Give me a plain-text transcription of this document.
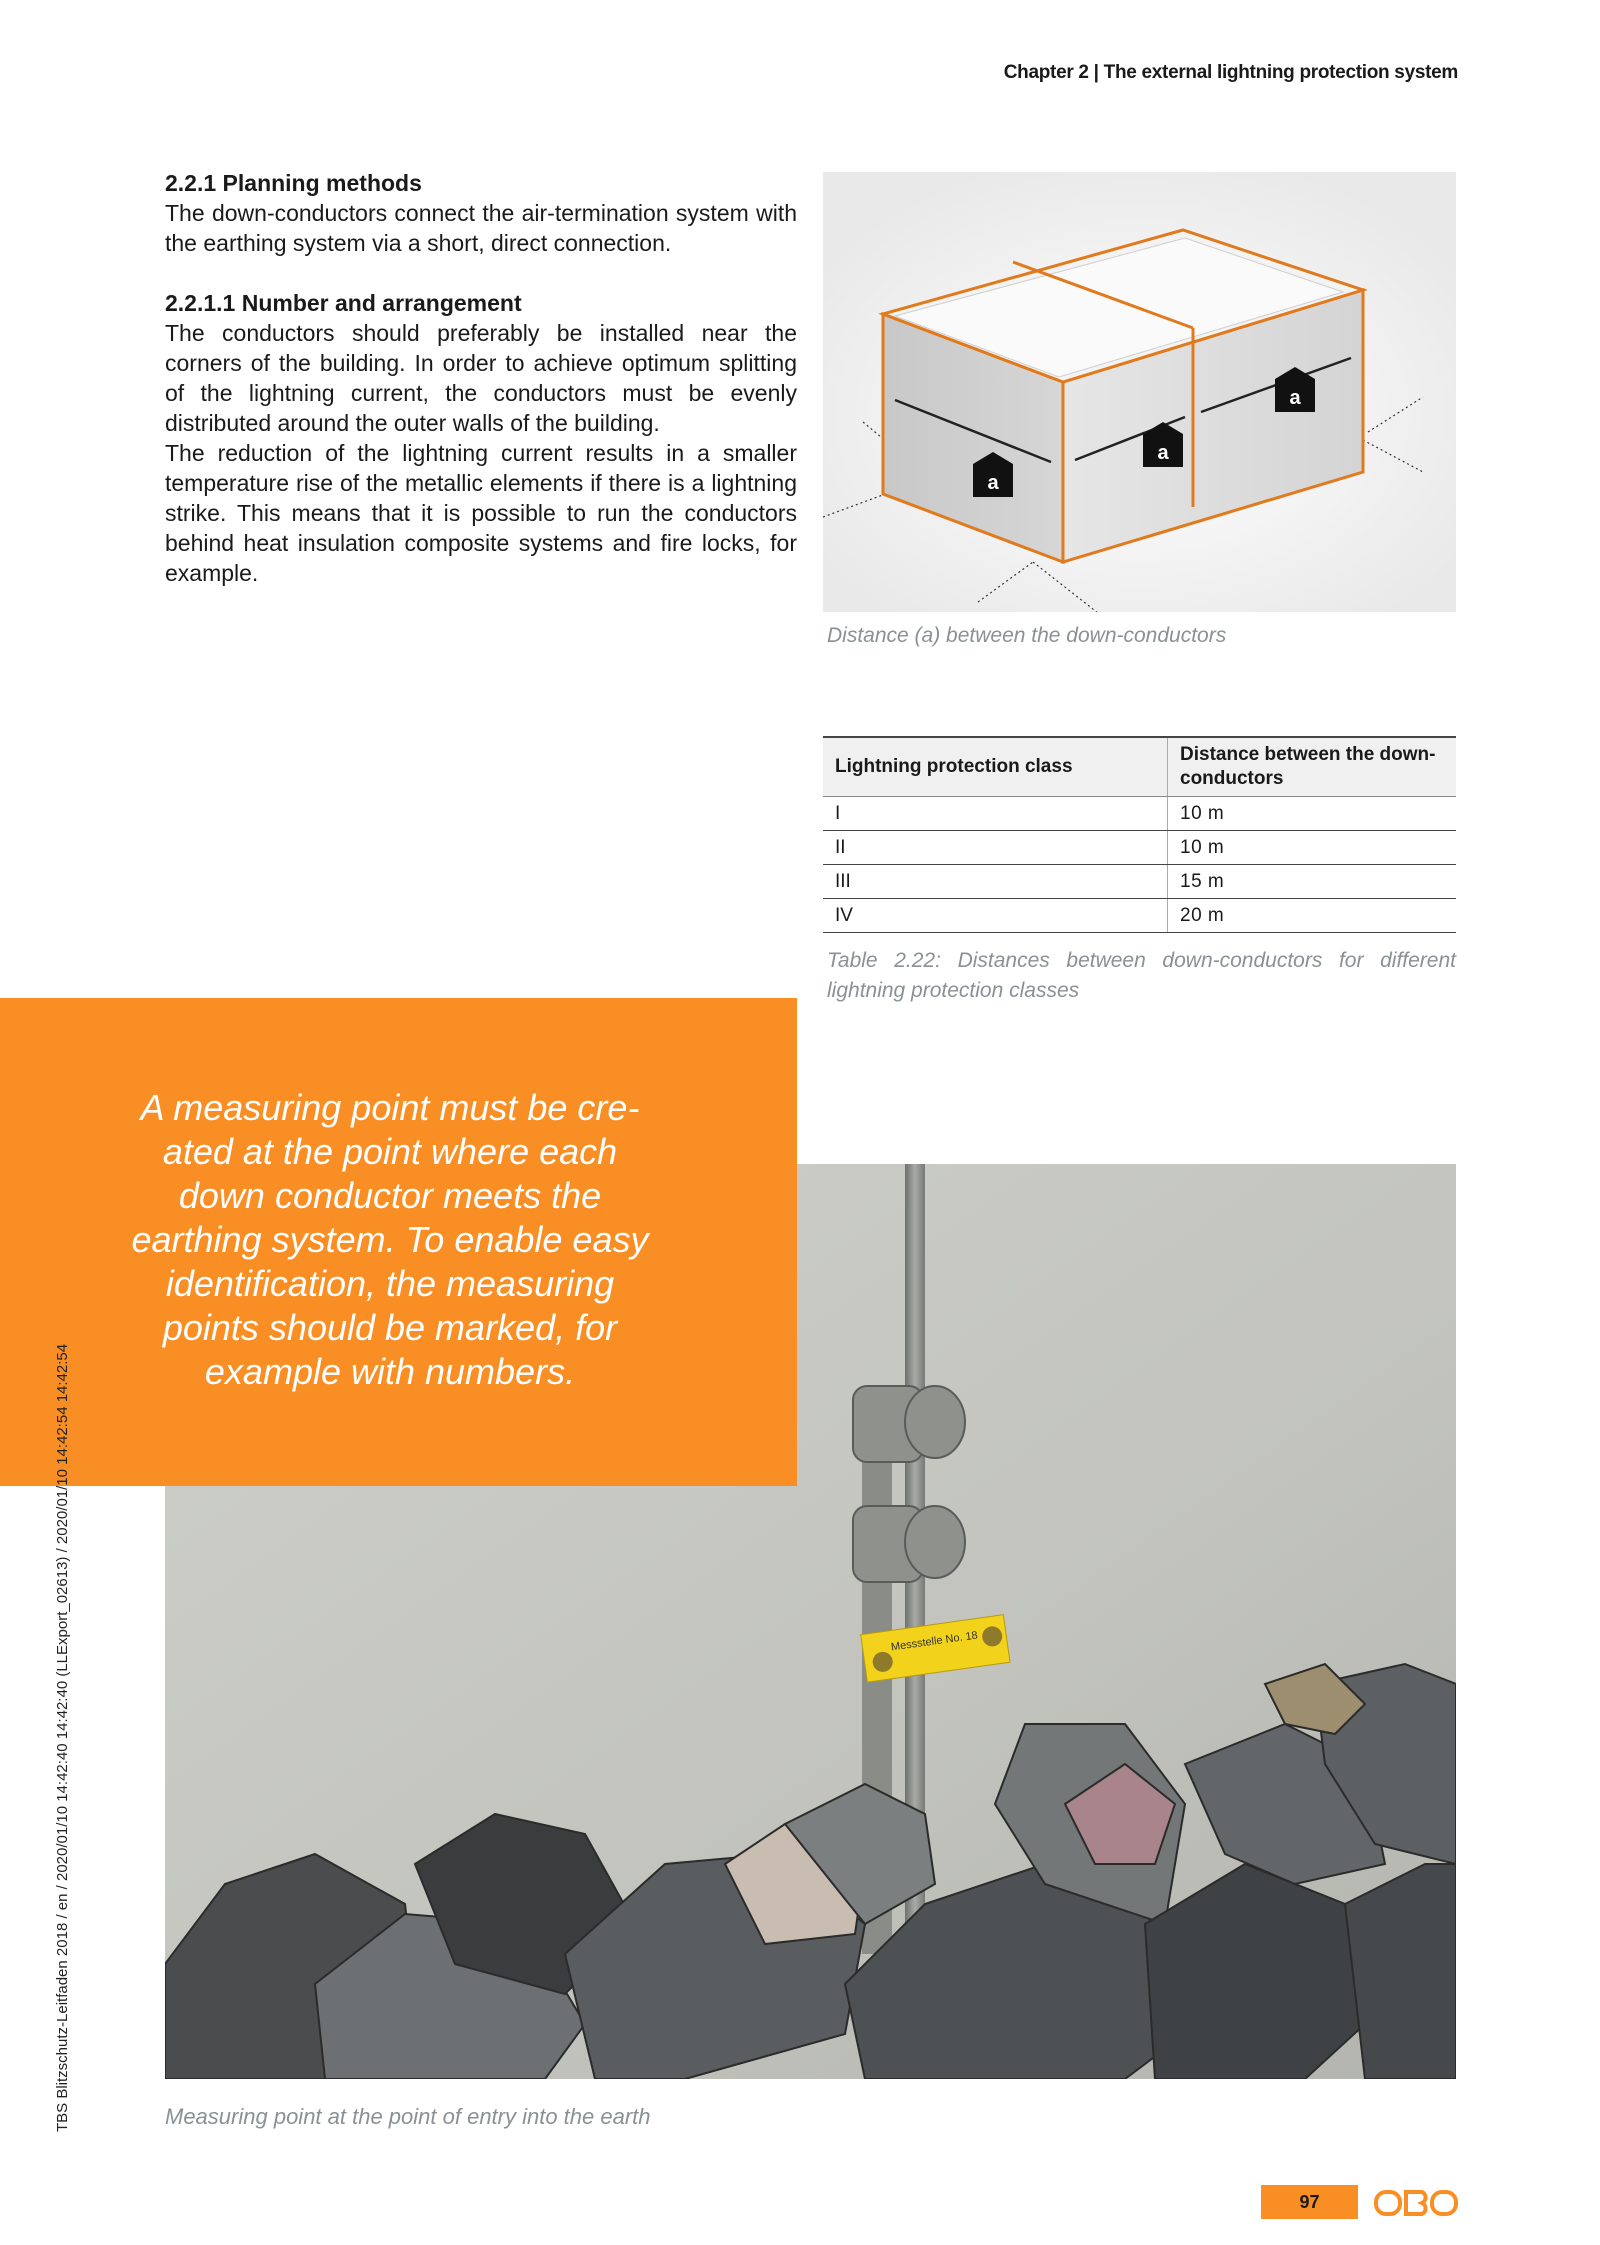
Chapter 2 | The external lightning protection system
2.2.1 Planning methods

The down-conductors connect the air-termination system with the earthing system via a short, direct connection.

2.2.1.1 Number and arrangement

The conductors should preferably be installed near the corners of the building. In order to achieve optimum splitting of the lightning current, the conductors must be evenly distributed around the outer walls of the building.

The reduction of the lightning current results in a smaller temperature rise of the metallic elements if there is a lightning strike. This means that it is possible to run the conductors behind heat insulation composite systems and fire locks, for example.

a
a
a
Distance (a) between the down-conductors
Lightning protection class	Distance between the down-conductors
I	10 m
II	10 m
III	15 m
IV	20 m
Table 2.22: Distances between down-conductors for different lightning protection classes
Messstelle No. 18
A measuring point must be created at the point where each down conductor meets the earthing system. To enable easy identification, the measuring points should be marked, for example with numbers.
Measuring point at the point of entry into the earth
TBS Blitzschutz-Leitfaden 2018 / en / 2020/01/10 14:42:40 14:42:40 (LLExport_02613) / 2020/01/10 14:42:54 14:42:54
97
